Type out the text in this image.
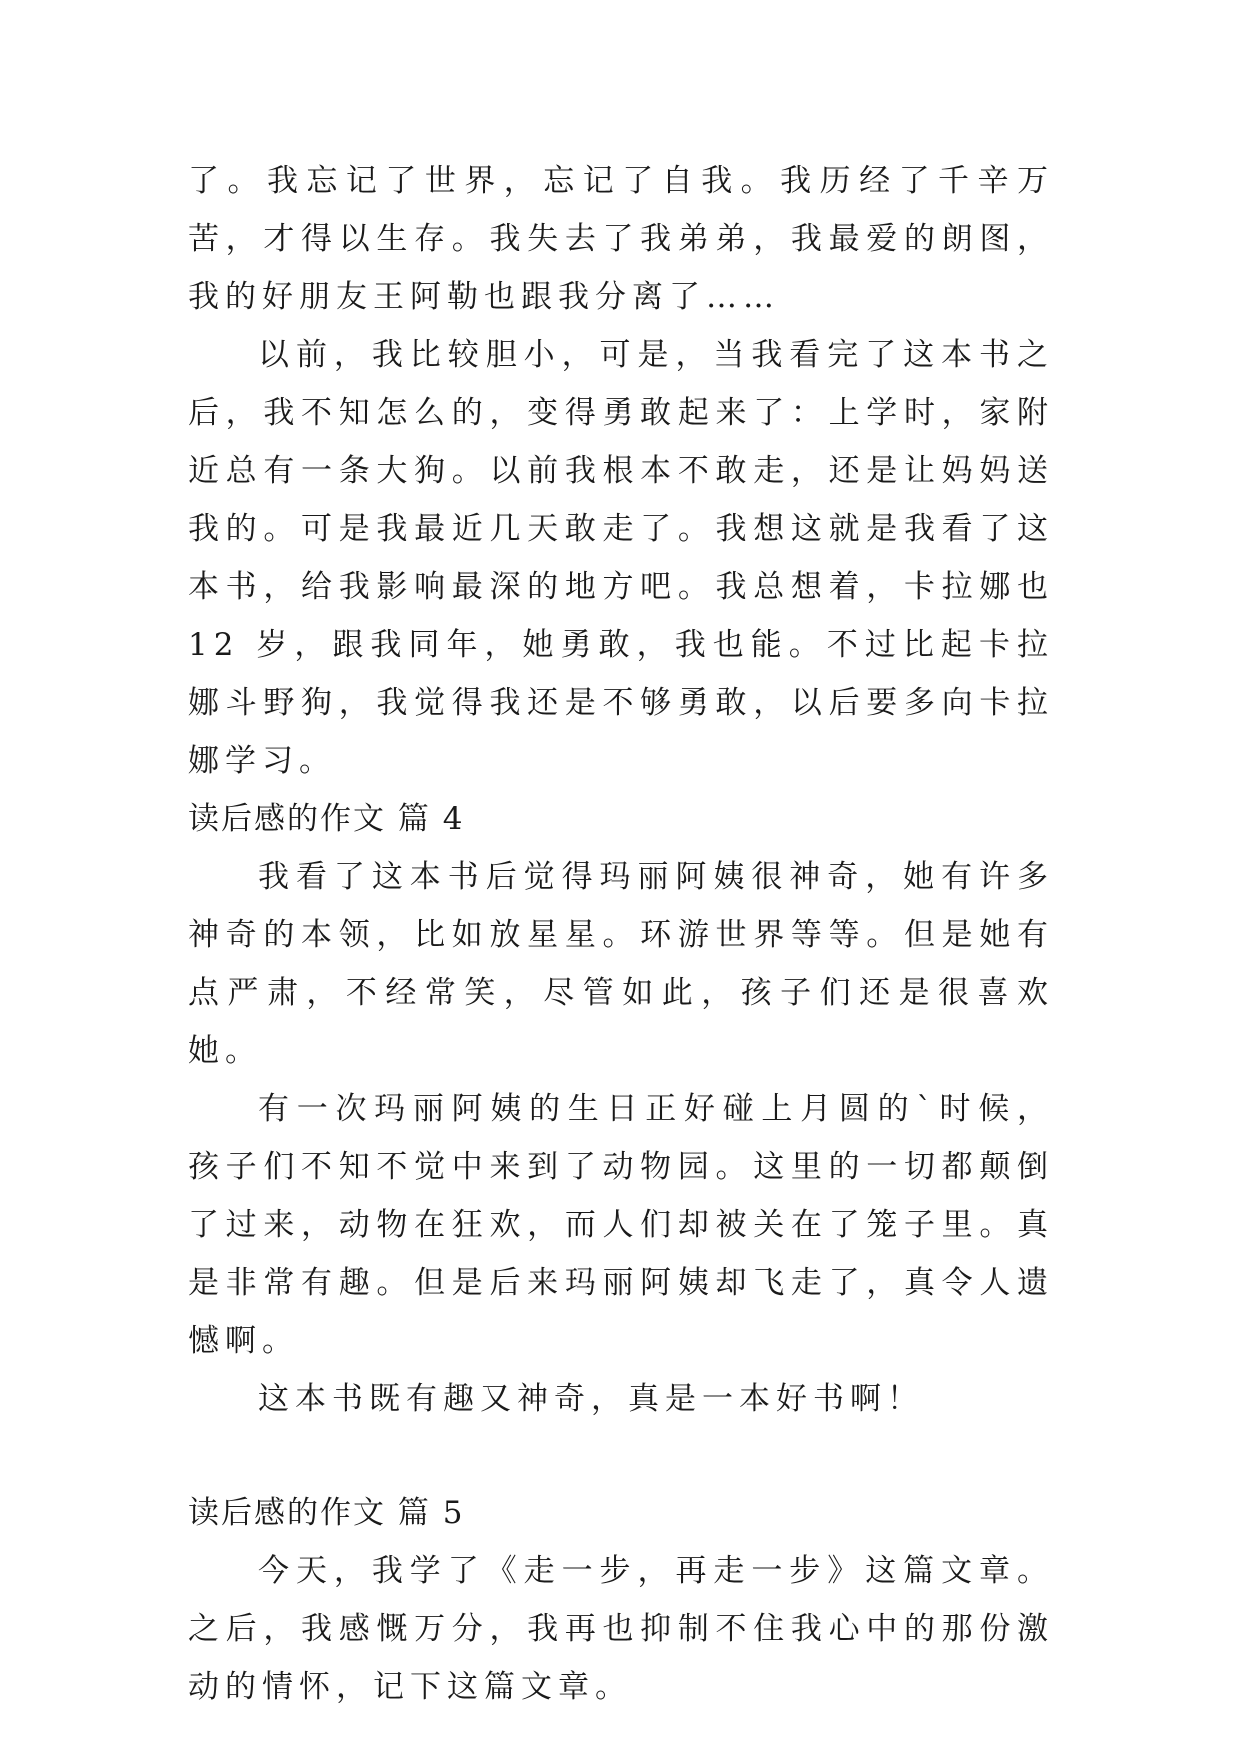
了。我忘记了世界，忘记了自我。我历经了千辛万苦，才得以生存。我失去了我弟弟，我最爱的朗图，我的好朋友王阿勒也跟我分离了……

以前，我比较胆小，可是，当我看完了这本书之后，我不知怎么的，变得勇敢起来了：上学时，家附近总有一条大狗。以前我根本不敢走，还是让妈妈送我的。可是我最近几天敢走了。我想这就是我看了这本书，给我影响最深的地方吧。我总想着，卡拉娜也 12 岁，跟我同年，她勇敢，我也能。不过比起卡拉娜斗野狗，我觉得我还是不够勇敢，以后要多向卡拉娜学习。

读后感的作文 篇 4

我看了这本书后觉得玛丽阿姨很神奇，她有许多神奇的本领，比如放星星。环游世界等等。但是她有点严肃，不经常笑，尽管如此，孩子们还是很喜欢她。

有一次玛丽阿姨的生日正好碰上月圆的`时候，孩子们不知不觉中来到了动物园。这里的一切都颠倒了过来，动物在狂欢，而人们却被关在了笼子里。真是非常有趣。但是后来玛丽阿姨却飞走了，真令人遗憾啊。

这本书既有趣又神奇，真是一本好书啊！

读后感的作文 篇 5

今天，我学了《走一步，再走一步》这篇文章。之后，我感慨万分，我再也抑制不住我心中的那份激动的情怀，记下这篇文章。
